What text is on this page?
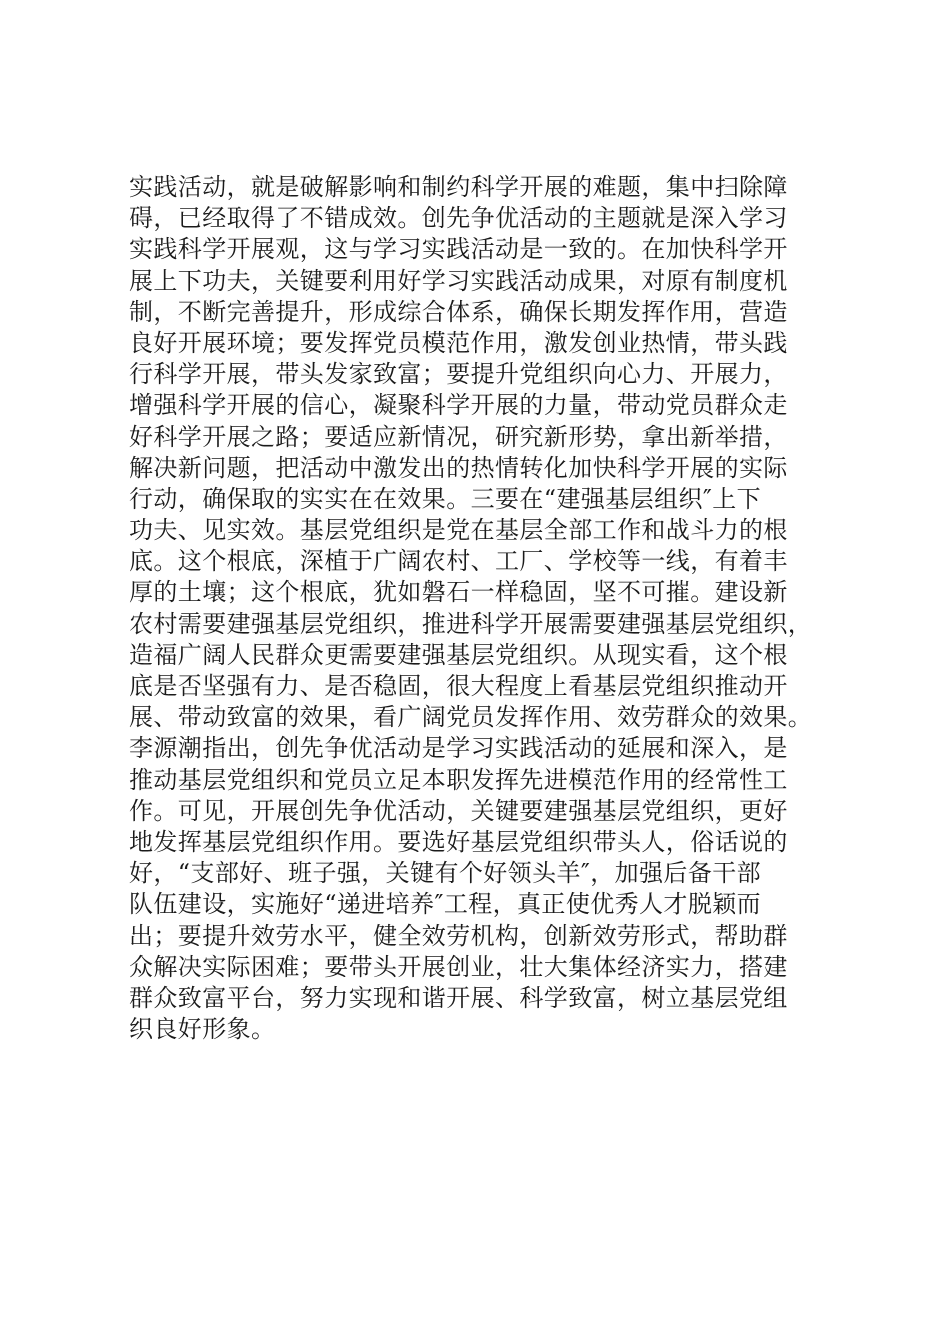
实践活动，就是破解影响和制约科学开展的难题，集中扫除障
碍，已经取得了不错成效。创先争优活动的主题就是深入学习
实践科学开展观，这与学习实践活动是一致的。在加快科学开
展上下功夫，关键要利用好学习实践活动成果，对原有制度机
制，不断完善提升，形成综合体系，确保长期发挥作用，营造
良好开展环境；要发挥党员模范作用，激发创业热情，带头践
行科学开展，带头发家致富；要提升党组织向心力、开展力，
增强科学开展的信心，凝聚科学开展的力量，带动党员群众走
好科学开展之路；要适应新情况，研究新形势，拿出新举措，
解决新问题，把活动中激发出的热情转化加快科学开展的实际
行动，确保取的实实在在效果。三要在“建强基层组织″上下
功夫、见实效。基层党组织是党在基层全部工作和战斗力的根
底。这个根底，深植于广阔农村、工厂、学校等一线，有着丰
厚的土壤；这个根底，犹如磐石一样稳固，坚不可摧。建设新
农村需要建强基层党组织，推进科学开展需要建强基层党组织，
造福广阔人民群众更需要建强基层党组织。从现实看，这个根
底是否坚强有力、是否稳固，很大程度上看基层党组织推动开
展、带动致富的效果，看广阔党员发挥作用、效劳群众的效果。
李源潮指出，创先争优活动是学习实践活动的延展和深入，是
推动基层党组织和党员立足本职发挥先进模范作用的经常性工
作。可见，开展创先争优活动，关键要建强基层党组织，更好
地发挥基层党组织作用。要选好基层党组织带头人，俗话说的
好，“支部好、班子强，关键有个好领头羊″，加强后备干部
队伍建设，实施好“递进培养″工程，真正使优秀人才脱颖而
出；要提升效劳水平，健全效劳机构，创新效劳形式，帮助群
众解决实际困难；要带头开展创业，壮大集体经济实力，搭建
群众致富平台，努力实现和谐开展、科学致富，树立基层党组
织良好形象。
